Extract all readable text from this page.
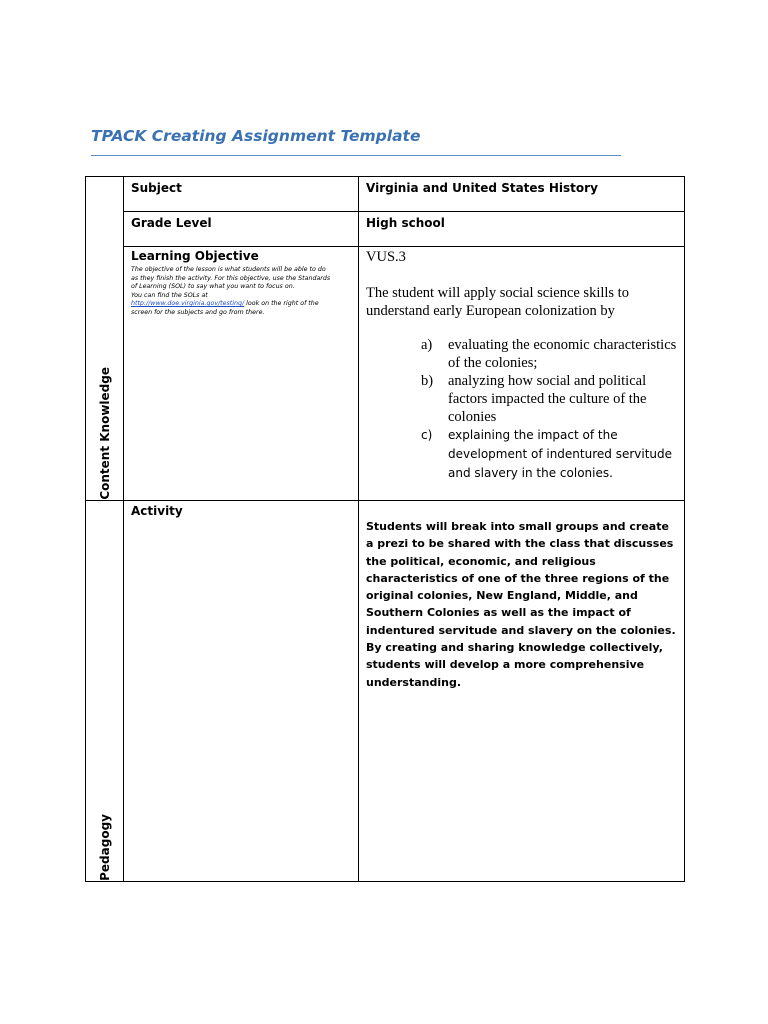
TPACK Creating Assignment Template
Content Knowledge
Pedagogy
Subject	Virginia and United States History
Grade Level	High school
Learning Objective
The objective of the lesson is what students will be able to do
as they finish the activity. For this objective, use the Standards
of Learning (SOL) to say what you want to focus on.
You can find the SOLs at
http://www.doe.virginia.gov/testing/ look on the right of the
screen for the subjects and go from there.
VUS.3
The student will apply social science skills to understand early European colonization by
a) evaluating the economic characteristics of the colonies;
b) analyzing how social and political factors impacted the culture of the colonies
c) explaining the impact of the development of indentured servitude and slavery in the colonies.
Activity
Students will break into small groups and create a prezi to be shared with the class that discusses the political, economic, and religious characteristics of one of the three regions of the original colonies, New England, Middle, and Southern Colonies as well as the impact of indentured servitude and slavery on the colonies. By creating and sharing knowledge collectively, students will develop a more comprehensive understanding.
